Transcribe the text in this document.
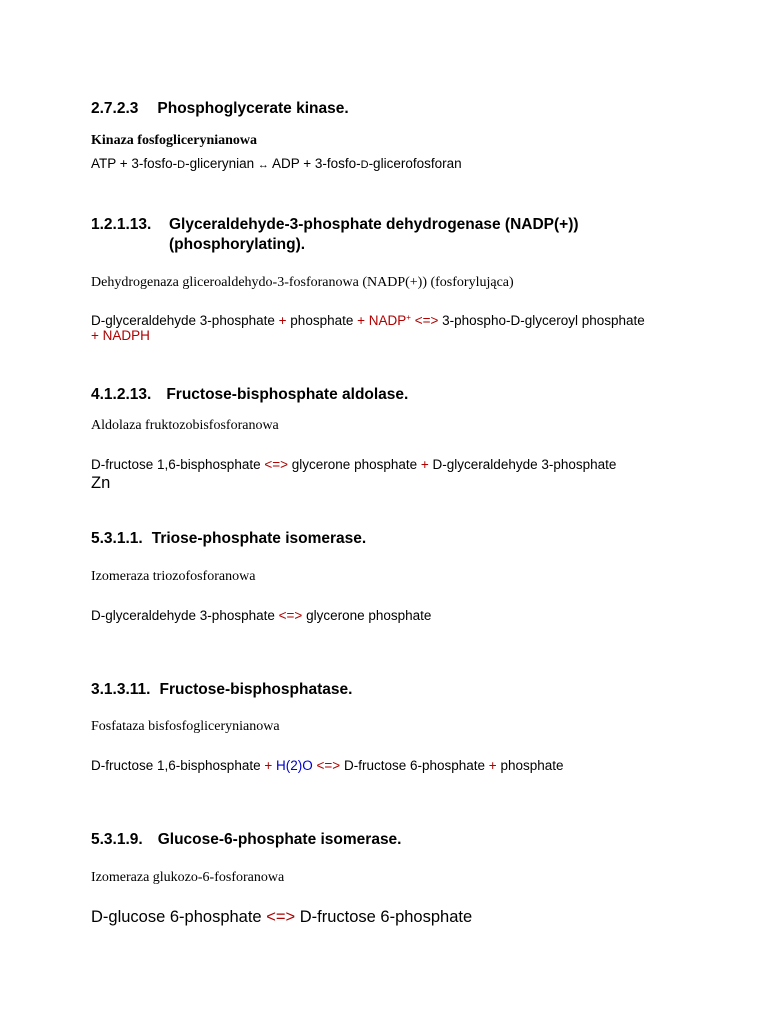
2.7.2.3 Phosphoglycerate kinase.
Kinaza fosfoglicerynianowa
ATP + 3-fosfo-D-glicerynian ↔ ADP + 3-fosfo-D-glicerofosforan
1.2.1.13. Glyceraldehyde-3-phosphate dehydrogenase (NADP(+))
(phosphorylating).
Dehydrogenaza gliceroaldehydo-3-fosforanowa (NADP(+)) (fosforylująca)
D-glyceraldehyde 3-phosphate + phosphate + NADP+ <=> 3-phospho-D-glyceroyl phosphate
+ NADPH
4.1.2.13. Fructose-bisphosphate aldolase.
Aldolaza fruktozobisfosforanowa
D-fructose 1,6-bisphosphate <=> glycerone phosphate + D-glyceraldehyde 3-phosphate
Zn
5.3.1.1. Triose-phosphate isomerase.
Izomeraza triozofosforanowa
D-glyceraldehyde 3-phosphate <=> glycerone phosphate
3.1.3.11. Fructose-bisphosphatase.
Fosfataza bisfosfoglicerynianowa
D-fructose 1,6-bisphosphate + H(2)O <=> D-fructose 6-phosphate + phosphate
5.3.1.9. Glucose-6-phosphate isomerase.
Izomeraza glukozo-6-fosforanowa
D-glucose 6-phosphate <=> D-fructose 6-phosphate
